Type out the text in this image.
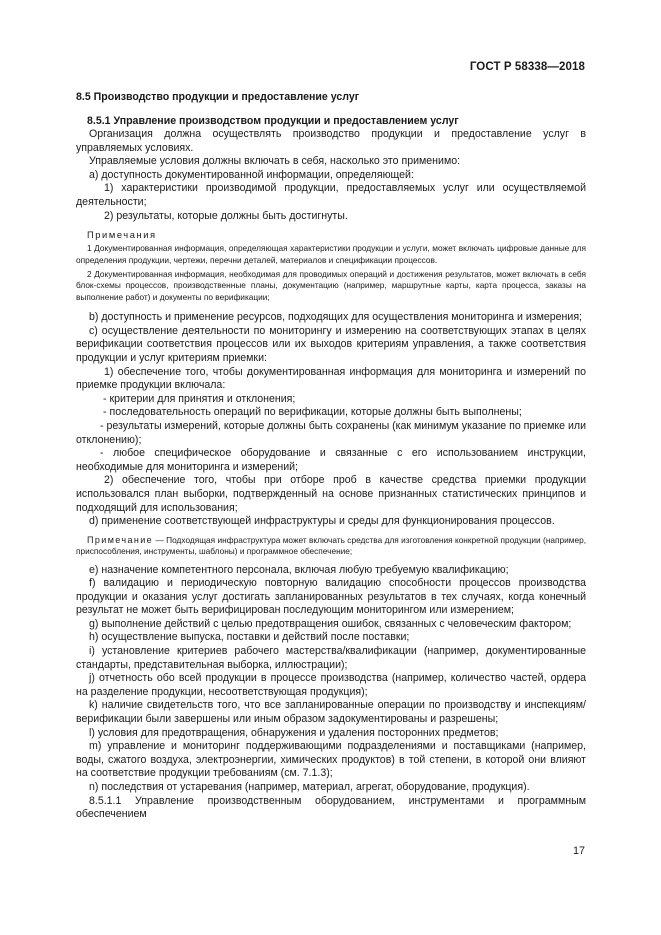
ГОСТ Р 58338—2018
8.5 Производство продукции и предоставление услуг
8.5.1 Управление производством продукции и предоставлением услуг

Организация должна осуществлять производство продукции и предоставление услуг в управляемых условиях.

Управляемые условия должны включать в себя, насколько это применимо:

а) доступность документированной информации, определяющей:

1) характеристики производимой продукции, предоставляемых услуг или осуществляемой деятельности;

2) результаты, которые должны быть достигнуты.

Примечания

1 Документированная информация, определяющая характеристики продукции и услуги, может включать цифровые данные для определения продукции, чертежи, перечни деталей, материалов и спецификации процессов.

2 Документированная информация, необходимая для проводимых операций и достижения результатов, может включать в себя блок-схемы процессов, производственные планы, документацию (например, маршрутные карты, карта процесса, заказы на выполнение работ) и документы по верификации;

b) доступность и применение ресурсов, подходящих для осуществления мониторинга и измерения;

c) осуществление деятельности по мониторингу и измерению на соответствующих этапах в целях верификации соответствия процессов или их выходов критериям управления, а также соответствия продукции и услуг критериям приемки:

1) обеспечение того, чтобы документированная информация для мониторинга и измерений по приемке продукции включала:

- критерии для принятия и отклонения;

- последовательность операций по верификации, которые должны быть выполнены;

- результаты измерений, которые должны быть сохранены (как минимум указание по приемке или отклонению);

- любое специфическое оборудование и связанные с его использованием инструкции, необходимые для мониторинга и измерений;

2) обеспечение того, чтобы при отборе проб в качестве средства приемки продукции использовался план выборки, подтвержденный на основе признанных статистических принципов и подходящий для использования;

d) применение соответствующей инфраструктуры и среды для функционирования процессов.

Примечание — Подходящая инфраструктура может включать средства для изготовления конкретной продукции (например, приспособления, инструменты, шаблоны) и программное обеспечение;

e) назначение компетентного персонала, включая любую требуемую квалификацию;

f) валидацию и периодическую повторную валидацию способности процессов производства продукции и оказания услуг достигать запланированных результатов в тех случаях, когда конечный результат не может быть верифицирован последующим мониторингом или измерением;

g) выполнение действий с целью предотвращения ошибок, связанных с человеческим фактором;

h) осуществление выпуска, поставки и действий после поставки;

i) установление критериев рабочего мастерства/квалификации (например, документированные стандарты, представительная выборка, иллюстрации);

j) отчетность обо всей продукции в процессе производства (например, количество частей, ордера на разделение продукции, несоответствующая продукция);

k) наличие свидетельств того, что все запланированные операции по производству и инспекциям/верификации были завершены или иным образом задокументированы и разрешены;

l) условия для предотвращения, обнаружения и удаления посторонних предметов;

m) управление и мониторинг поддерживающими подразделениями и поставщиками (например, воды, сжатого воздуха, электроэнергии, химических продуктов) в той степени, в которой они влияют на соответствие продукции требованиям (см. 7.1.3);

n) последствия от устаревания (например, материал, агрегат, оборудование, продукция).

8.5.1.1 Управление производственным оборудованием, инструментами и программным обеспечением

17
